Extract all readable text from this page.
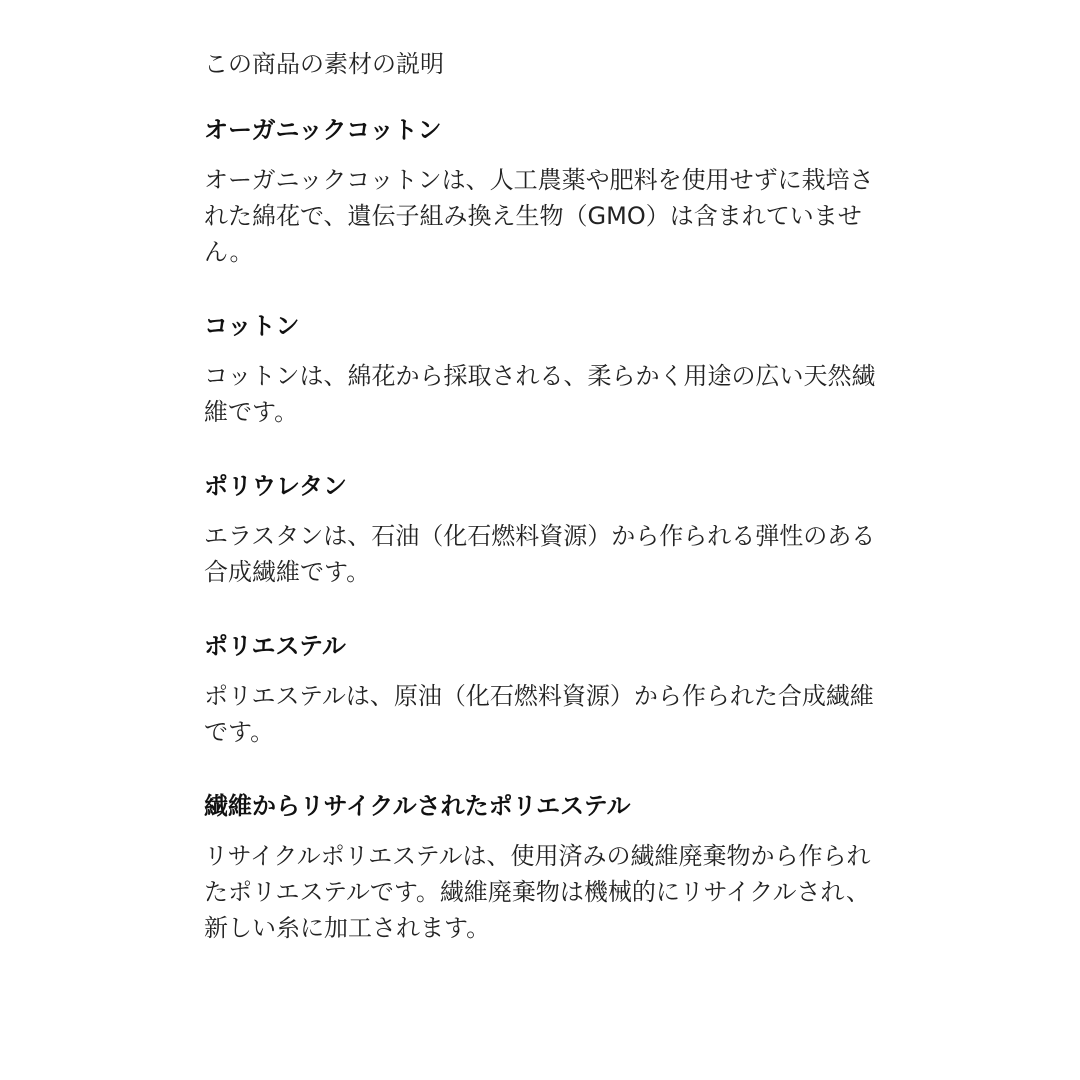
この商品の素材の説明

オーガニックコットン

オーガニックコットンは、人工農薬や肥料を使用せずに栽培された綿花で、遺伝子組み換え生物（GMO）は含まれていません。

コットン

コットンは、綿花から採取される、柔らかく用途の広い天然繊維です。

ポリウレタン

エラスタンは、石油（化石燃料資源）から作られる弾性のある合成繊維です。

ポリエステル

ポリエステルは、原油（化石燃料資源）から作られた合成繊維です。

繊維からリサイクルされたポリエステル

リサイクルポリエステルは、使用済みの繊維廃棄物から作られたポリエステルです。繊維廃棄物は機械的にリサイクルされ、新しい糸に加工されます。
